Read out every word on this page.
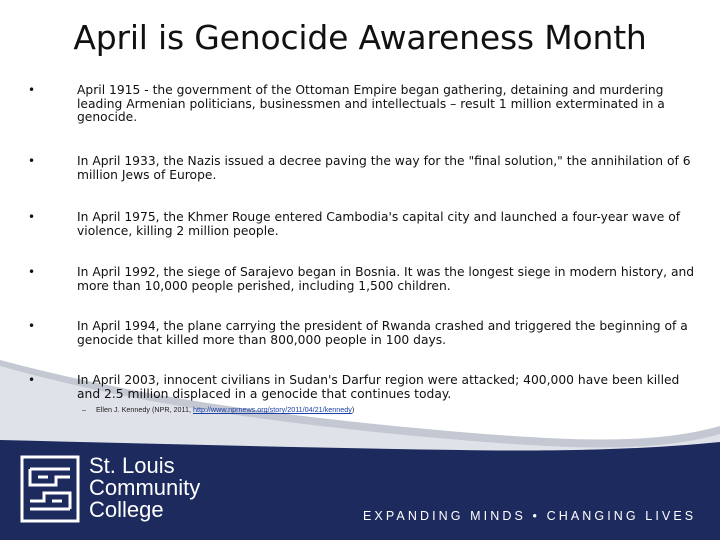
April is Genocide Awareness Month
•	April 1915 - the government of the Ottoman Empire began gathering, detaining and murdering leading Armenian politicians, businessmen and intellectuals – result 1 million exterminated in a genocide.
•	In April 1933, the Nazis issued a decree paving the way for the "final solution," the annihilation of 6 million Jews of Europe.
•	In April 1975, the Khmer Rouge entered Cambodia's capital city and launched a four-year wave of violence, killing 2 million people.
•	In April 1992, the siege of Sarajevo began in Bosnia. It was the longest siege in modern history, and more than 10,000 people perished, including 1,500 children.
•	In April 1994, the plane carrying the president of Rwanda crashed and triggered the beginning of a genocide that killed more than 800,000 people in 100 days.
•	In April 2003, innocent civilians in Sudan's Darfur region were attacked; 400,000 have been killed and 2.5 million displaced in a genocide that continues today.
– Ellen J. Kennedy (NPR, 2011, http://www.nprnews.org/story/2011/04/21/kennedy)
St. Louis
Community
College	EXPANDING MINDS • CHANGING LIVES
